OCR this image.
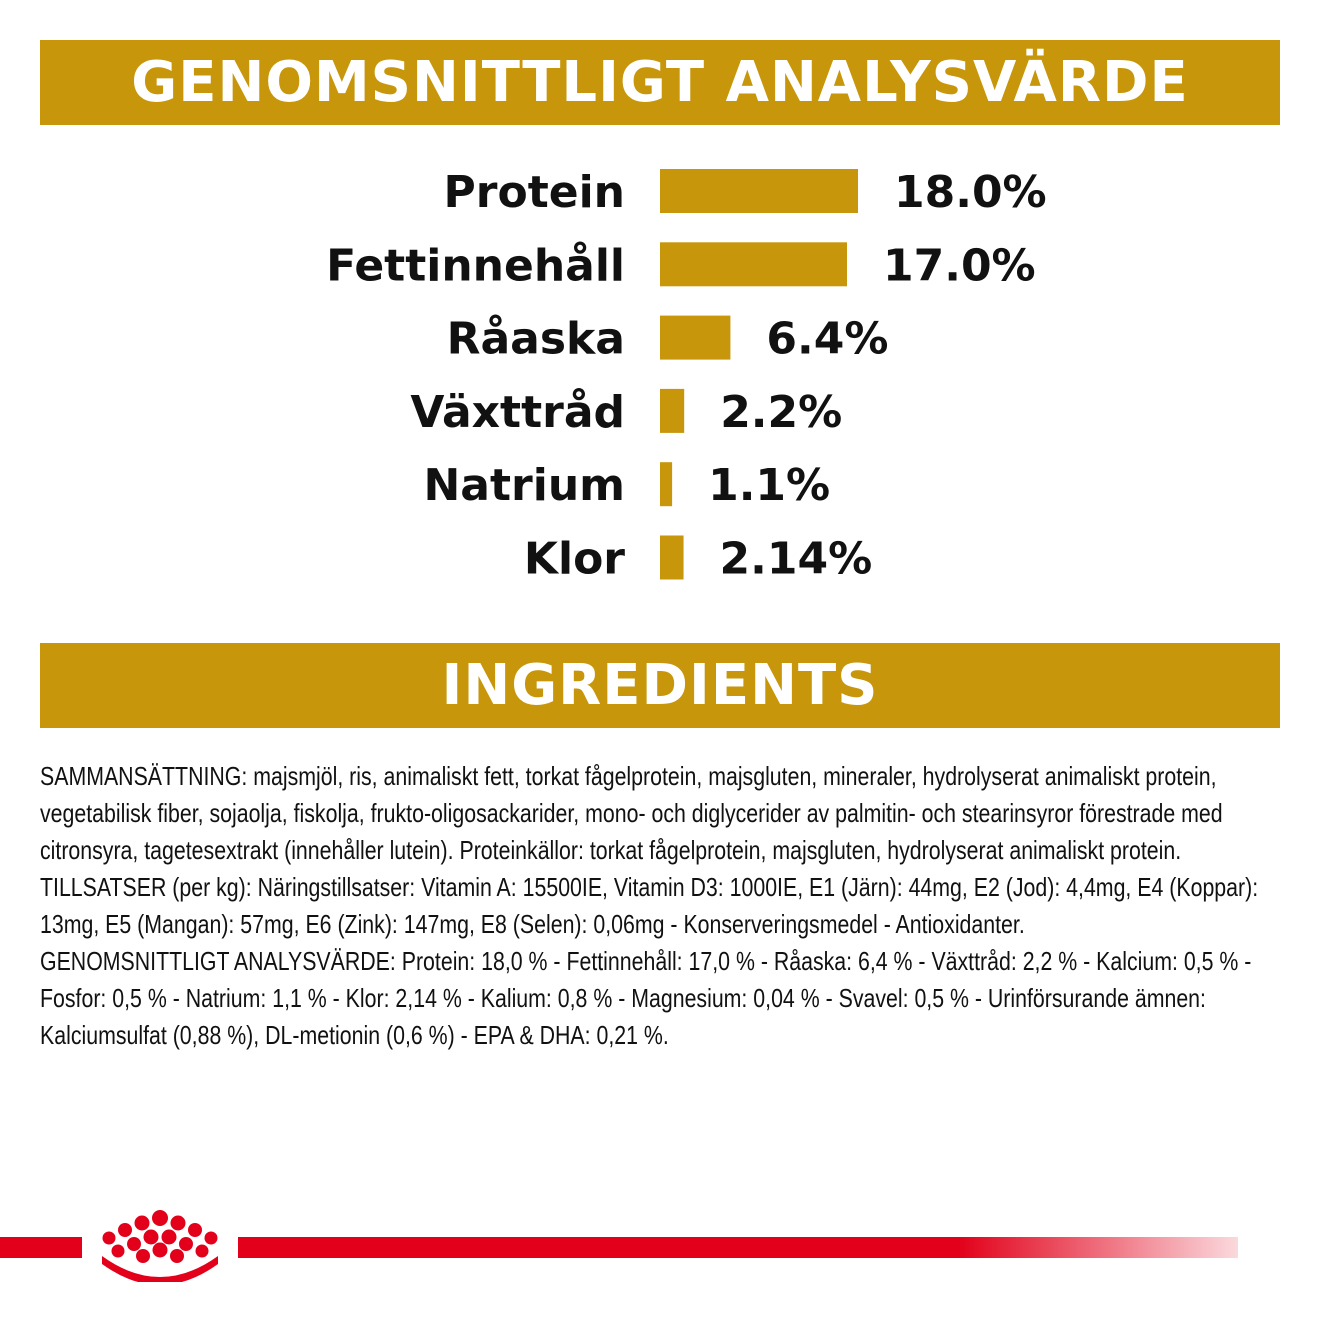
GENOMSNITTLIGT ANALYSVÄRDE
Protein	18.0%
Fettinnehåll	17.0%
Råaska	6.4%
Växttråd 2.2%
Natrium 1.1%
Klor 2.14%
INGREDIENTS

SAMMANSÄTTNING: majsmjöl, ris, animaliskt fett, torkat fågelprotein, majsgluten, mineraler, hydrolyserat animaliskt protein, vegetabilisk fiber, sojaolja, fiskolja, frukto-oligosackarider, mono- och diglycerider av palmitin- och stearinsyror förestrade med citronsyra, tagetesextrakt (innehåller lutein). Proteinkällor: torkat fågelprotein, majsgluten, hydrolyserat animaliskt protein.

TILLSATSER (per kg): Näringstillsatser: Vitamin A: 15500IE, Vitamin D3: 1000IE, E1 (Järn): 44mg, E2 (Jod): 4,4mg, E4 (Koppar): 13mg, E5 (Mangan): 57mg, E6 (Zink): 147mg, E8 (Selen): 0,06mg - Konserveringsmedel - Antioxidanter.

GENOMSNITTLIGT ANALYSVÄRDE: Protein: 18,0 % - Fettinnehåll: 17,0 % - Råaska: 6,4 % - Växttråd: 2,2 % - Kalcium: 0,5 % - Fosfor: 0,5 % - Natrium: 1,1 % - Klor: 2,14 % - Kalium: 0,8 % - Magnesium: 0,04 % - Svavel: 0,5 % - Urinförsurande ämnen: Kalciumsulfat (0,88 %), DL-metionin (0,6 %) - EPA & DHA: 0,21 %.
